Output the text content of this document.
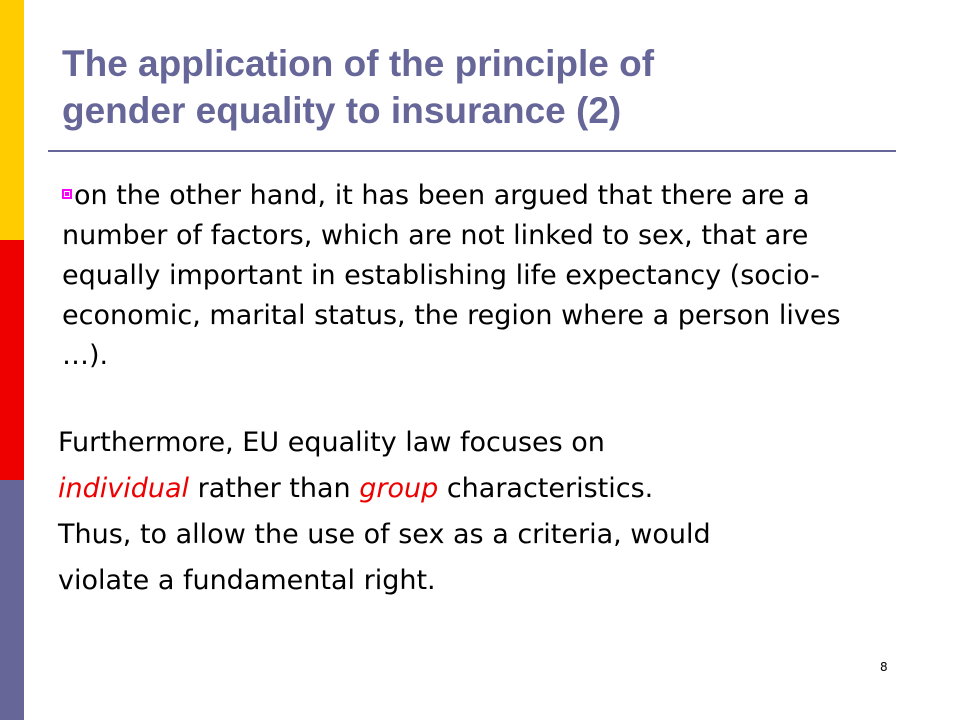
The application of the principle of
gender equality to insurance (2)

on the other hand, it has been argued that there are a number of factors, which are not linked to sex, that are equally important in establishing life expectancy (socio-economic, marital status, the region where a person lives …).

Furthermore, EU equality law focuses on
individual rather than group characteristics.
Thus, to allow the use of sex as a criteria, would
violate a fundamental right.
8
